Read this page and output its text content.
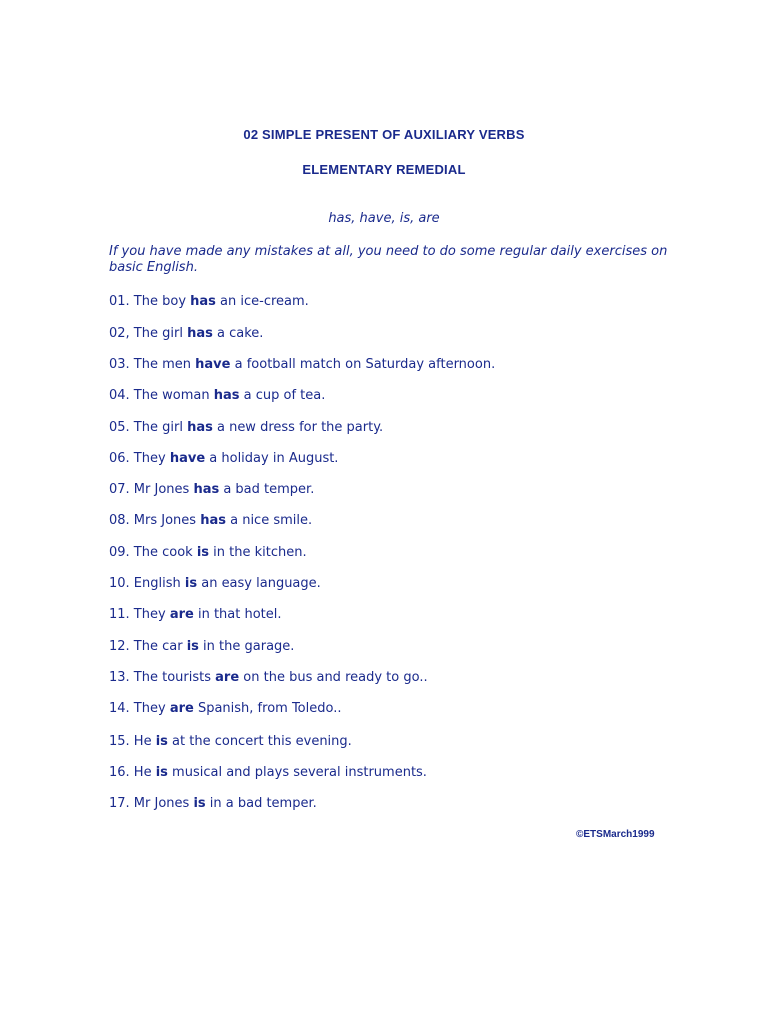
02 SIMPLE PRESENT OF AUXILIARY VERBS
ELEMENTARY REMEDIAL
has, have, is, are
If you have made any mistakes at all, you need to do some regular daily exercises on basic English.
01. The boy has an ice-cream.
02, The girl has a cake.
03. The men have a football match on Saturday afternoon.
04. The woman has a cup of tea.
05. The girl has a new dress for the party.
06. They have a holiday in August.
07. Mr Jones has a bad temper.
08. Mrs Jones has a nice smile.
09. The cook is in the kitchen.
10. English is an easy language.
11. They are in that hotel.
12. The car is in the garage.
13. The tourists are on the bus and ready to go..
14. They are Spanish, from Toledo..
15. He is at the concert this evening.
16. He is musical and plays several instruments.
17. Mr Jones is in a bad temper.
©ETSMarch1999
